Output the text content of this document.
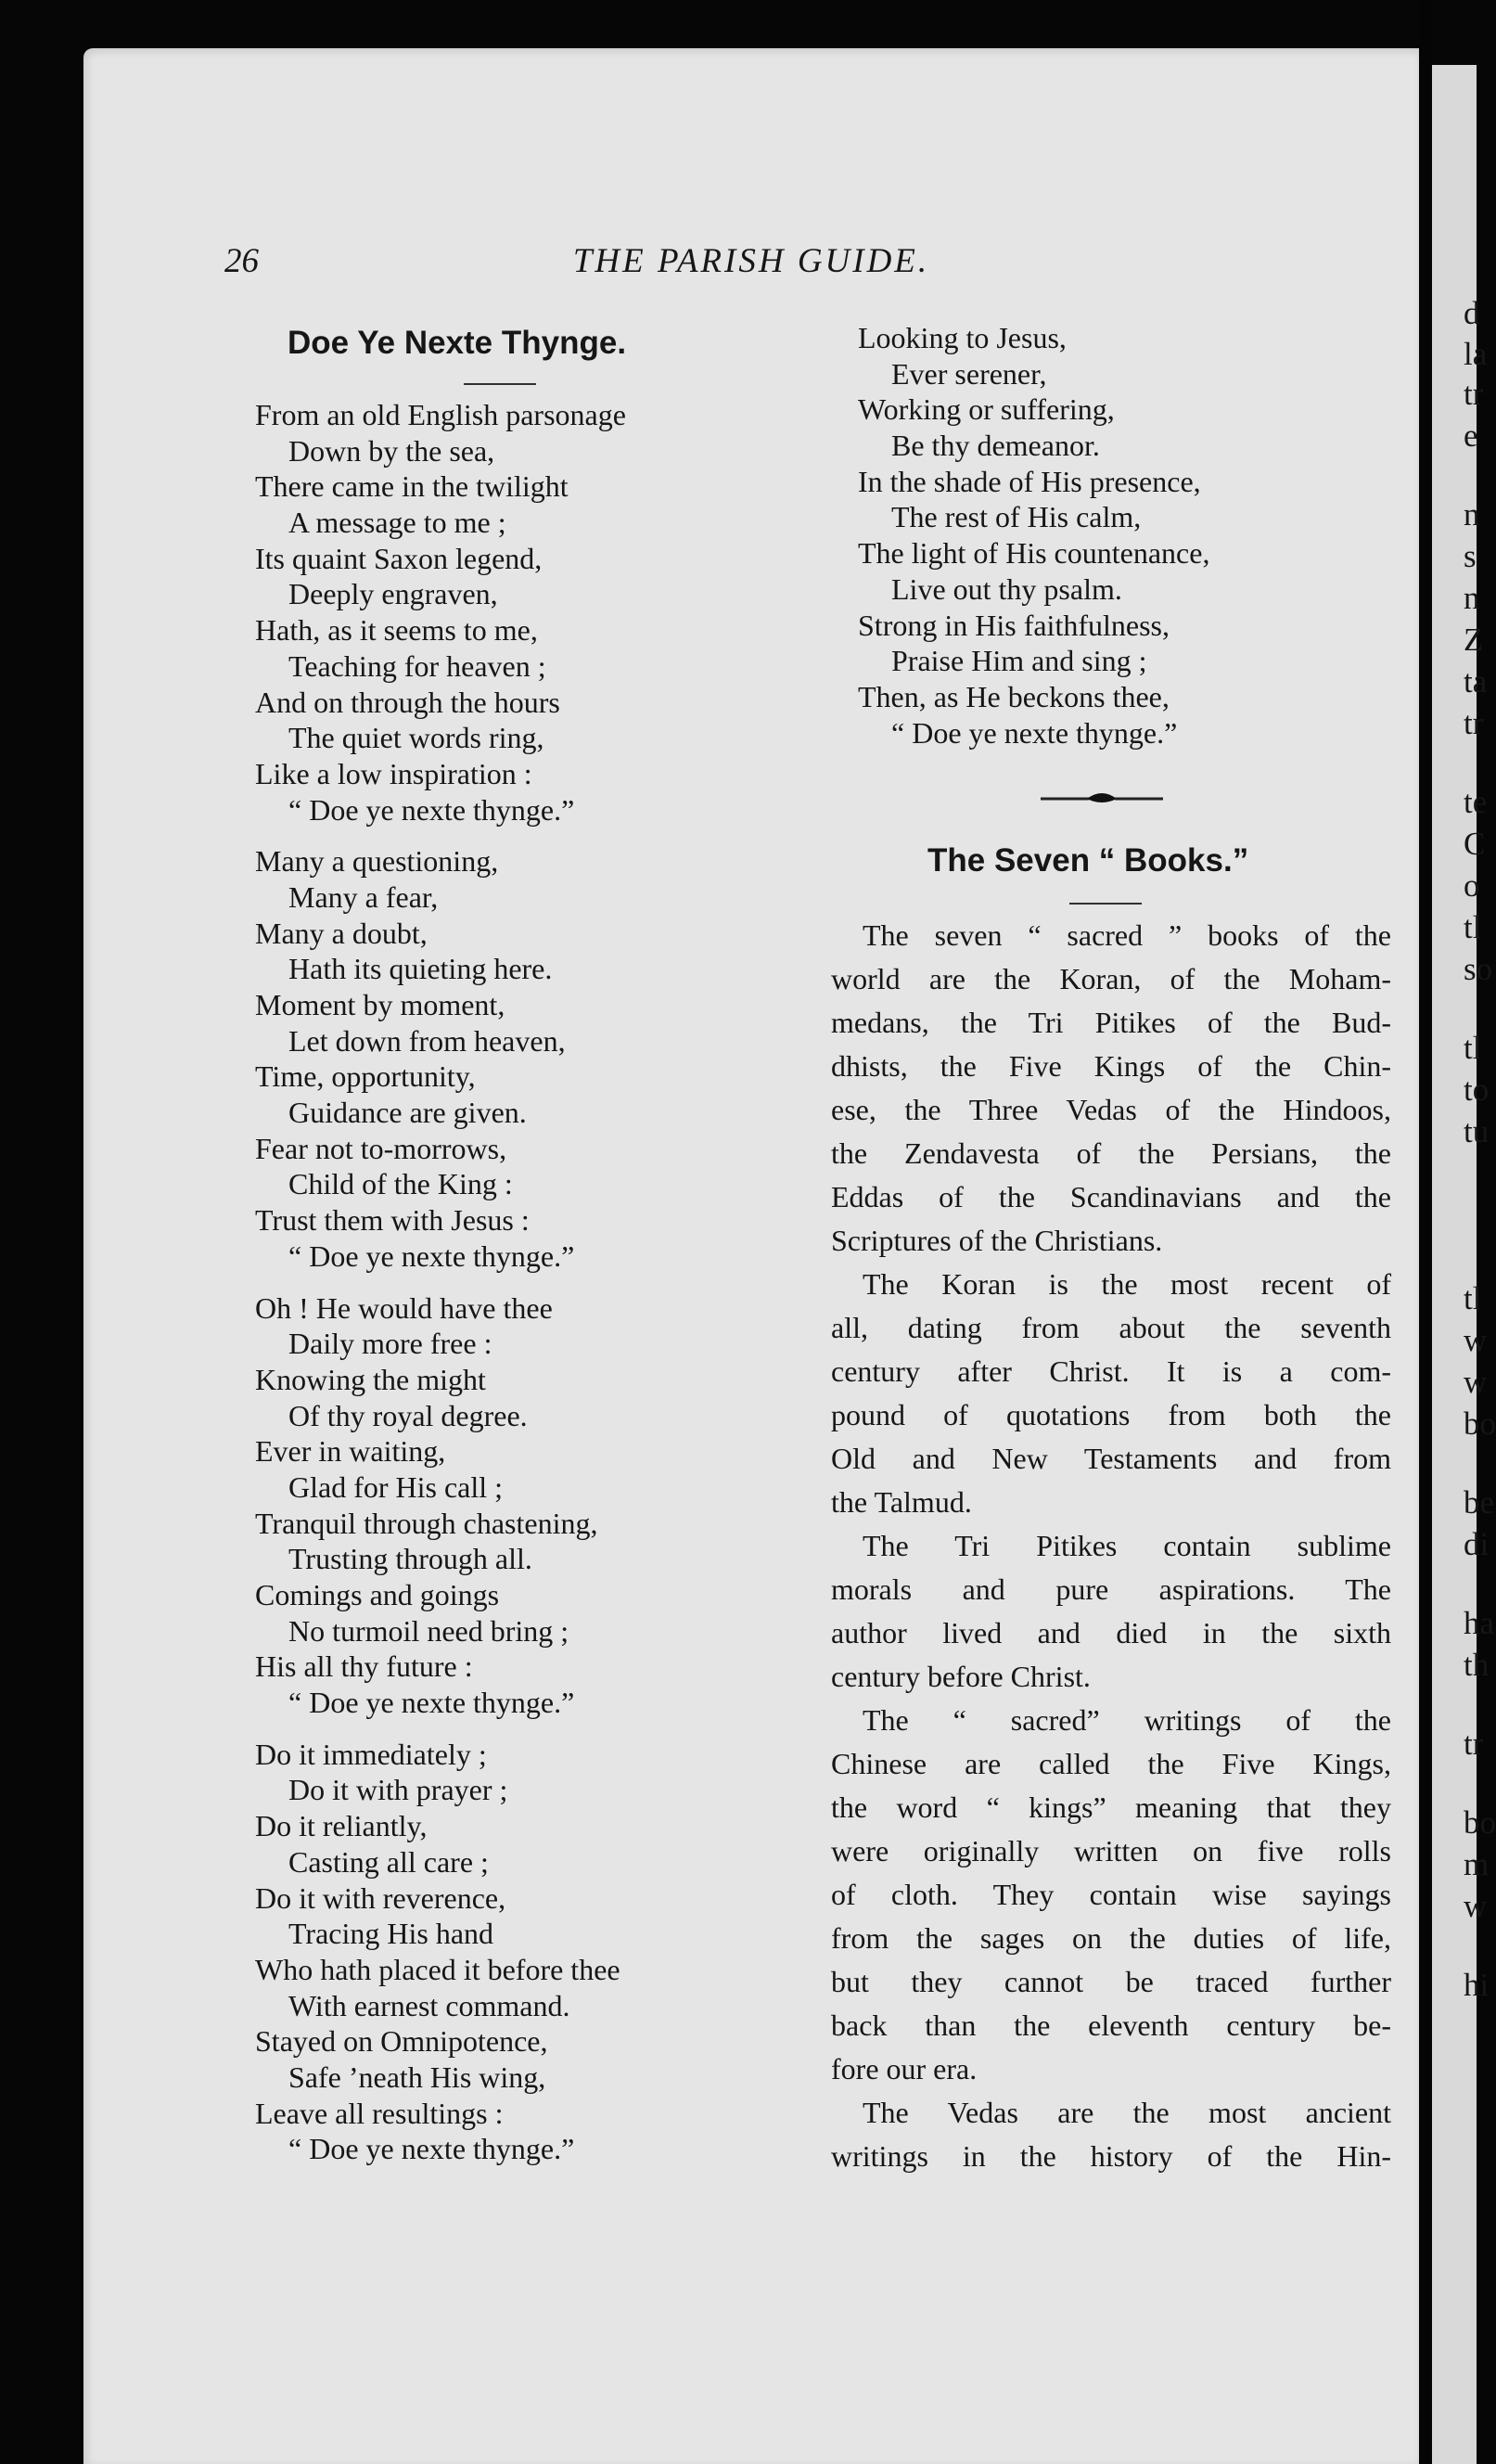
d
la
tr
e
n
s
n
Z
ta
tr
te
C
o
tl
so
tl
to
tu
tl
w
w
bo
be
di
ha
th
tr
bo
m
w
hi

26	THE PARISH GUIDE.

Doe Ye Nexte Thynge.

From an old English parsonage

Down by the sea,

There came in the twilight

A message to me ;

Its quaint Saxon legend,

Deeply engraven,

Hath, as it seems to me,

Teaching for heaven ;

And on through the hours

The quiet words ring,

Like a low inspiration :

“ Doe ye nexte thynge.”

Many a questioning,

Many a fear,

Many a doubt,

Hath its quieting here.

Moment by moment,

Let down from heaven,

Time, opportunity,

Guidance are given.

Fear not to-morrows,

Child of the King :

Trust them with Jesus :

“ Doe ye nexte thynge.”

Oh ! He would have thee

Daily more free :

Knowing the might

Of thy royal degree.

Ever in waiting,

Glad for His call ;

Tranquil through chastening,

Trusting through all.

Comings and goings

No turmoil need bring ;

His all thy future :

“ Doe ye nexte thynge.”

Do it immediately ;

Do it with prayer ;

Do it reliantly,

Casting all care ;

Do it with reverence,

Tracing His hand

Who hath placed it before thee

With earnest command.

Stayed on Omnipotence,

Safe ’neath His wing,

Leave all resultings :

“ Doe ye nexte thynge.”

Looking to Jesus,

Ever serener,

Working or suffering,

Be thy demeanor.

In the shade of His presence,

The rest of His calm,

The light of His countenance,

Live out thy psalm.

Strong in His faithfulness,

Praise Him and sing ;

Then, as He beckons thee,

“ Doe ye nexte thynge.”

The Seven “ Books.”

The seven “ sacred ” books of the
world are the Koran, of the Moham-
medans, the Tri Pitikes of the Bud-
dhists, the Five Kings of the Chin-
ese, the Three Vedas of the Hindoos,
the Zendavesta of the Persians, the
Eddas of the Scandinavians and the
Scriptures of the Christians.

The Koran is the most recent of
all, dating from about the seventh
century after Christ. It is a com-
pound of quotations from both the
Old and New Testaments and from
the Talmud.

The Tri Pitikes contain sublime
morals and pure aspirations. The
author lived and died in the sixth
century before Christ.

The “ sacred” writings of the
Chinese are called the Five Kings,
the word “ kings” meaning that they
were originally written on five rolls
of cloth. They contain wise sayings
from the sages on the duties of life,
but they cannot be traced further
back than the eleventh century be-
fore our era.

The Vedas are the most ancient
writings in the history of the Hin-
